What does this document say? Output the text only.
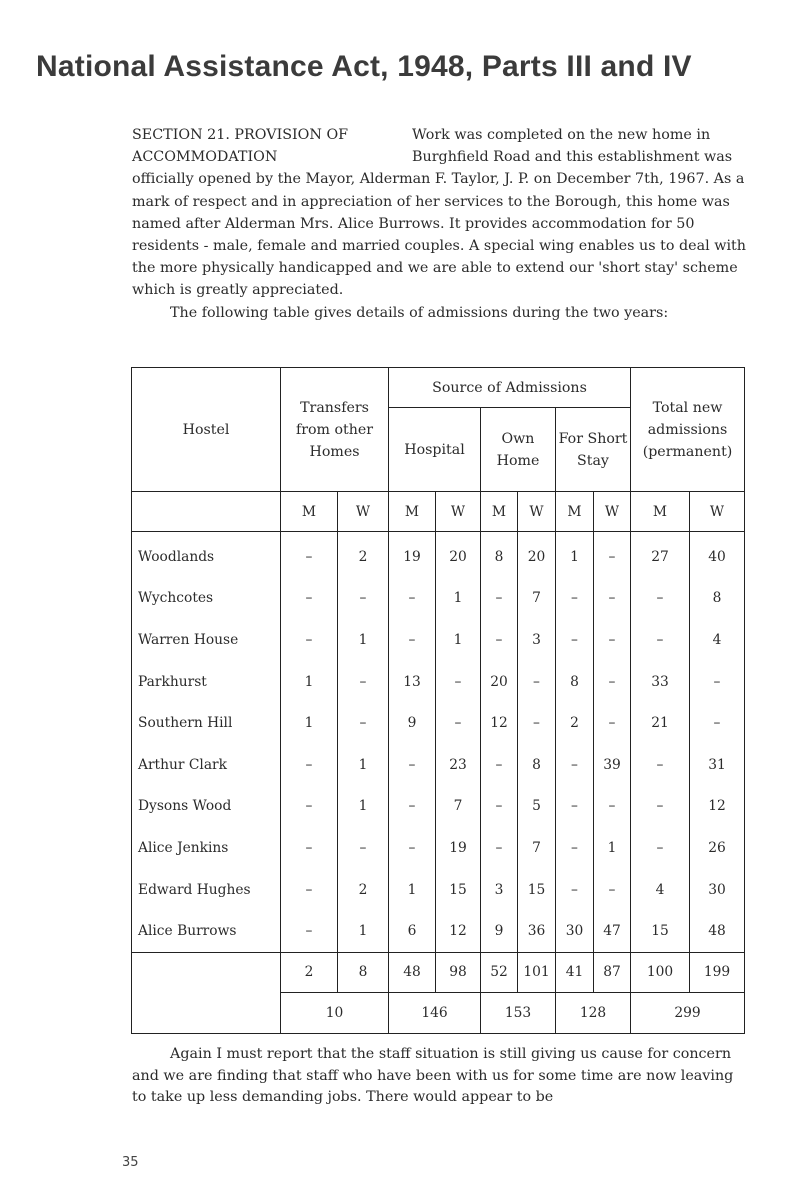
National Assistance Act, 1948, Parts III and IV
SECTION 21. PROVISION OF
ACCOMMODATION

Work was completed on the new home in Burghfield Road and this establishment was officially opened by the Mayor, Alderman F. Taylor, J. P. on December 7th, 1967. As a mark of respect and in appreciation of her services to the Borough, this home was named after Alderman Mrs. Alice Burrows. It provides accommodation for 50 residents - male, female and married couples. A special wing enables us to deal with the more physically handicapped and we are able to extend our 'short stay' scheme which is greatly appreciated.

The following table gives details of admissions during the two years:

Hostel	Transfers from other Homes		Source of Admissions						Total new admissions (permanent)	
			Hospital		Own Home		For Short Stay			
	M	W	M	W	M	W	M	W	M	W
Woodlands	–	2	19	20	8	20	1	–	27	40
Wychcotes	–	–	–	1	–	7	–	–	–	8
Warren House	–	1	–	1	–	3	–	–	–	4
Parkhurst	1	–	13	–	20	–	8	–	33	–
Southern Hill	1	–	9	–	12	–	2	–	21	–
Arthur Clark	–	1	–	23	–	8	–	39	–	31
Dysons Wood	–	1	–	7	–	5	–	–	–	12
Alice Jenkins	–	–	–	19	–	7	–	1	–	26
Edward Hughes	–	2	1	15	3	15	–	–	4	30
Alice Burrows	–	1	6	12	9	36	30	47	15	48
	2	8	48	98	52	101	41	87	100	199
	10		146		153		128		299	

Again I must report that the staff situation is still giving us cause for concern and we are finding that staff who have been with us for some time are now leaving to take up less demanding jobs. There would appear to be

35
